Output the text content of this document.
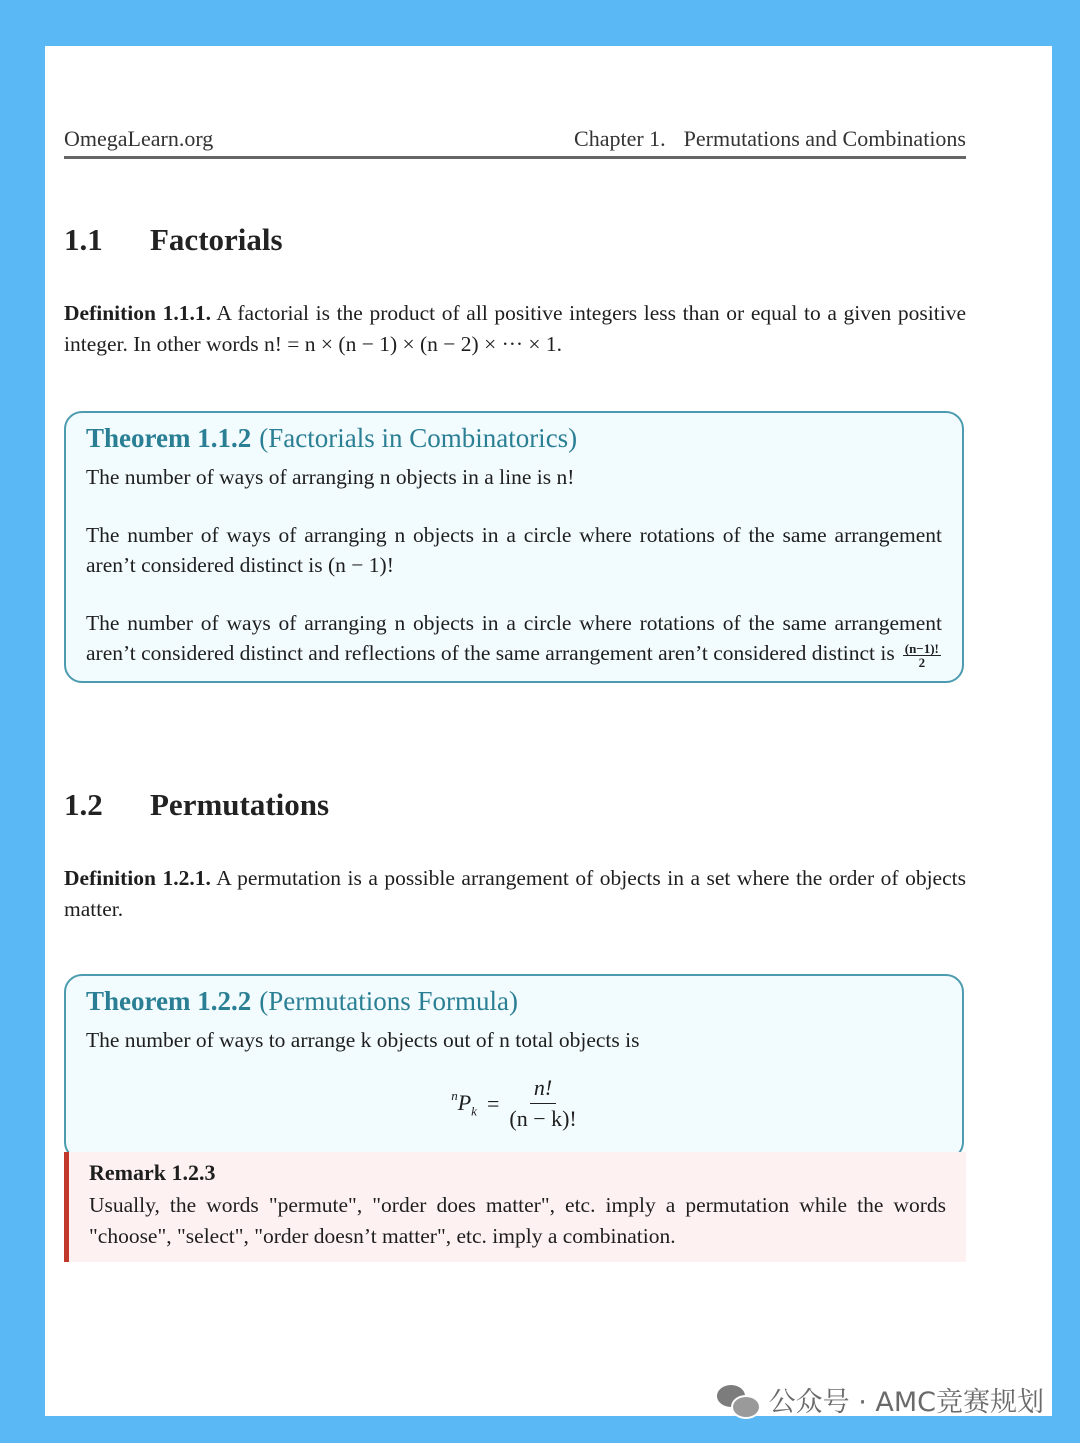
OmegaLearn.org	Chapter 1. Permutations and Combinations
1.1 Factorials
Definition 1.1.1. A factorial is the product of all positive integers less than or equal to a given positive integer. In other words n! = n × (n − 1) × (n − 2) × ··· × 1.
Theorem 1.1.2 (Factorials in Combinatorics)

The number of ways of arranging n objects in a line is n!

The number of ways of arranging n objects in a circle where rotations of the same arrangement aren’t considered distinct is (n − 1)!

The number of ways of arranging n objects in a circle where rotations of the same arrangement aren’t considered distinct and reflections of the same arrangement aren’t considered distinct is $\frac{(n-1)!}{2}$

1.2 Permutations
Definition 1.2.1. A permutation is a possible arrangement of objects in a set where the order of objects matter.
Theorem 1.2.2 (Permutations Formula)

The number of ways to arrange k objects out of n total objects is

$^nP_k = \frac{n!}{(n - k)!}$
Remark 1.2.3

Usually, the words "permute", "order does matter", etc. imply a permutation while the words "choose", "select", "order doesn’t matter", etc. imply a combination.

公众号 · AMC竞赛规划
